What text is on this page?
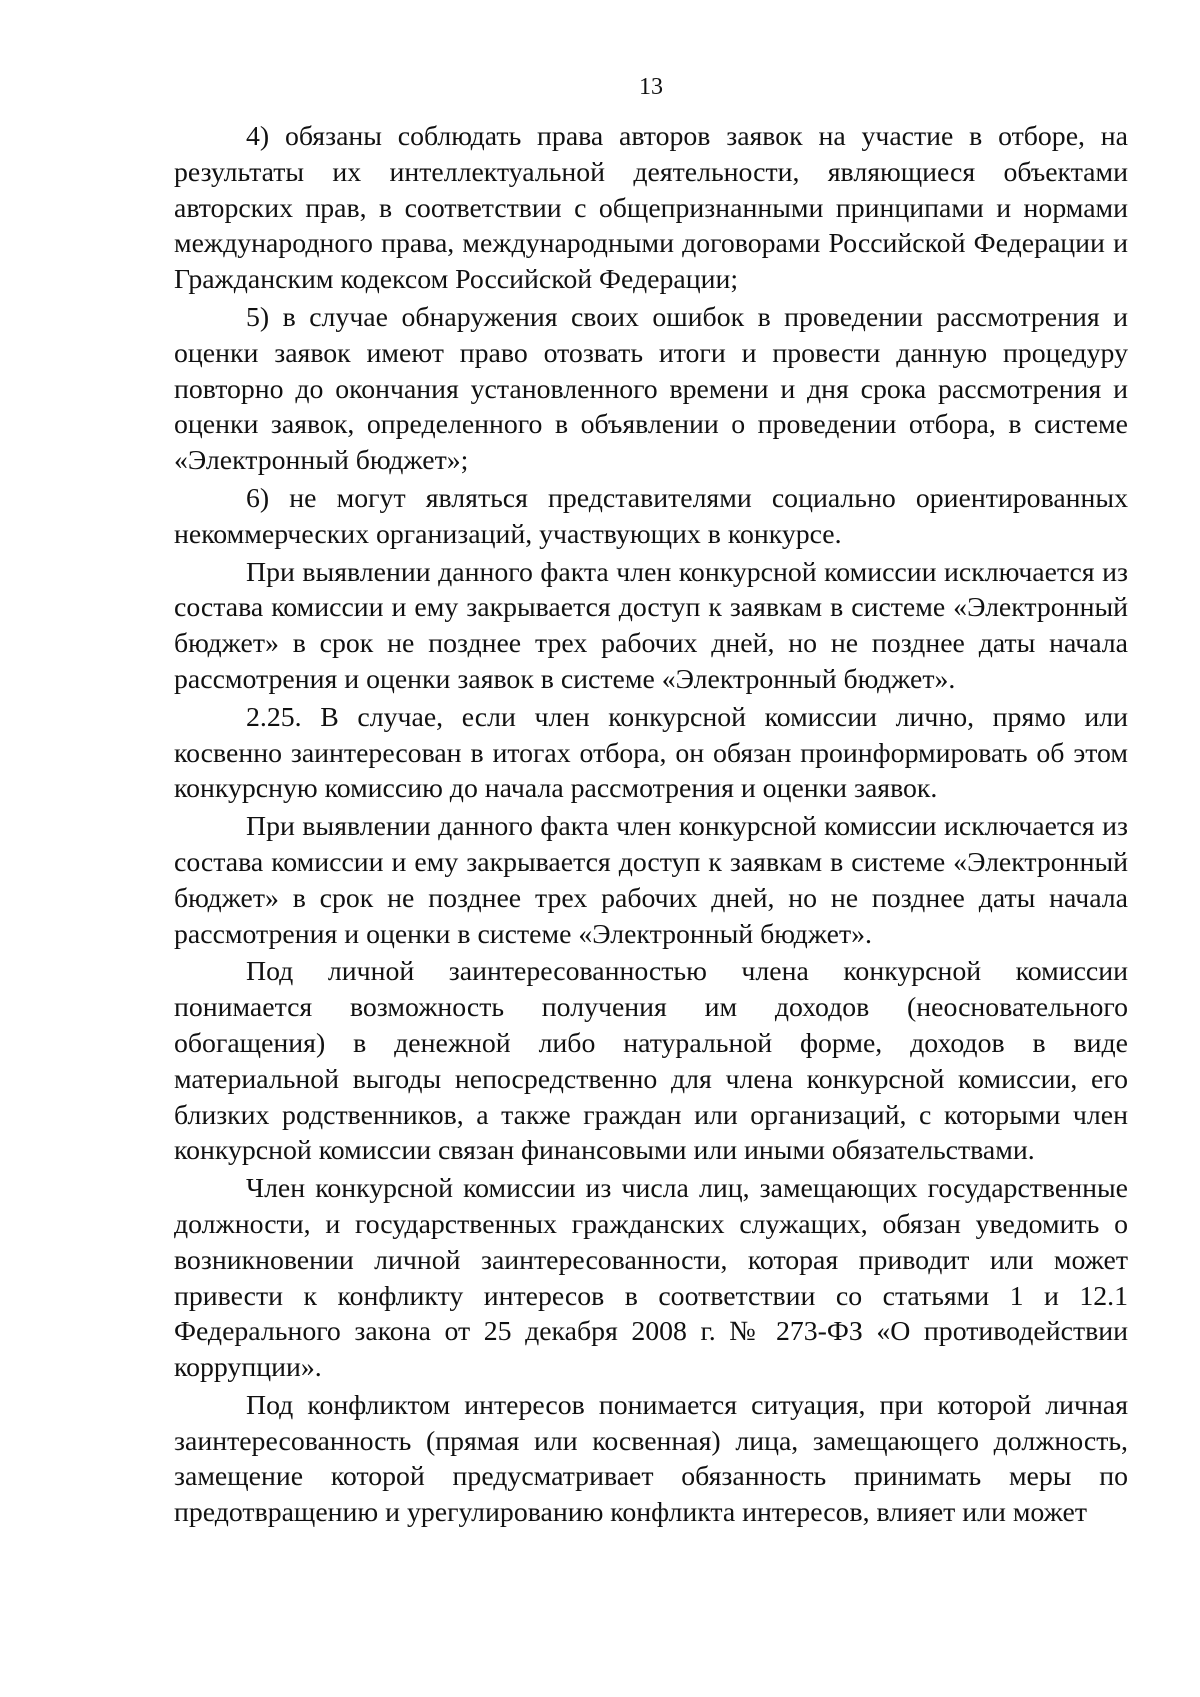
13

4) обязаны соблюдать права авторов заявок на участие в отборе, на результаты их интеллектуальной деятельности, являющиеся объектами авторских прав, в соответствии с общепризнанными принципами и нормами международного права, международными договорами Российской Федерации и Гражданским кодексом Российской Федерации;

5) в случае обнаружения своих ошибок в проведении рассмотрения и оценки заявок имеют право отозвать итоги и провести данную процедуру повторно до окончания установленного времени и дня срока рассмотрения и оценки заявок, определенного в объявлении о проведении отбора, в системе «Электронный бюджет»;

6) не могут являться представителями социально ориентированных некоммерческих организаций, участвующих в конкурсе.

При выявлении данного факта член конкурсной комиссии исключается из состава комиссии и ему закрывается доступ к заявкам в системе «Электронный бюджет» в срок не позднее трех рабочих дней, но не позднее даты начала рассмотрения и оценки заявок в системе «Электронный бюджет».

2.25. В случае, если член конкурсной комиссии лично, прямо или косвенно заинтересован в итогах отбора, он обязан проинформировать об этом конкурсную комиссию до начала рассмотрения и оценки заявок.

При выявлении данного факта член конкурсной комиссии исключается из состава комиссии и ему закрывается доступ к заявкам в системе «Электронный бюджет» в срок не позднее трех рабочих дней, но не позднее даты начала рассмотрения и оценки в системе «Электронный бюджет».

Под личной заинтересованностью члена конкурсной комиссии понимается возможность получения им доходов (неосновательного обогащения) в денежной либо натуральной форме, доходов в виде материальной выгоды непосредственно для члена конкурсной комиссии, его близких родственников, а также граждан или организаций, с которыми член конкурсной комиссии связан финансовыми или иными обязательствами.

Член конкурсной комиссии из числа лиц, замещающих государственные должности, и государственных гражданских служащих, обязан уведомить о возникновении личной заинтересованности, которая приводит или может привести к конфликту интересов в соответствии со статьями 1 и 12.1 Федерального закона от 25 декабря 2008 г. № 273-ФЗ «О противодействии коррупции».

Под конфликтом интересов понимается ситуация, при которой личная заинтересованность (прямая или косвенная) лица, замещающего должность, замещение которой предусматривает обязанность принимать меры по предотвращению и урегулированию конфликта интересов, влияет или может
